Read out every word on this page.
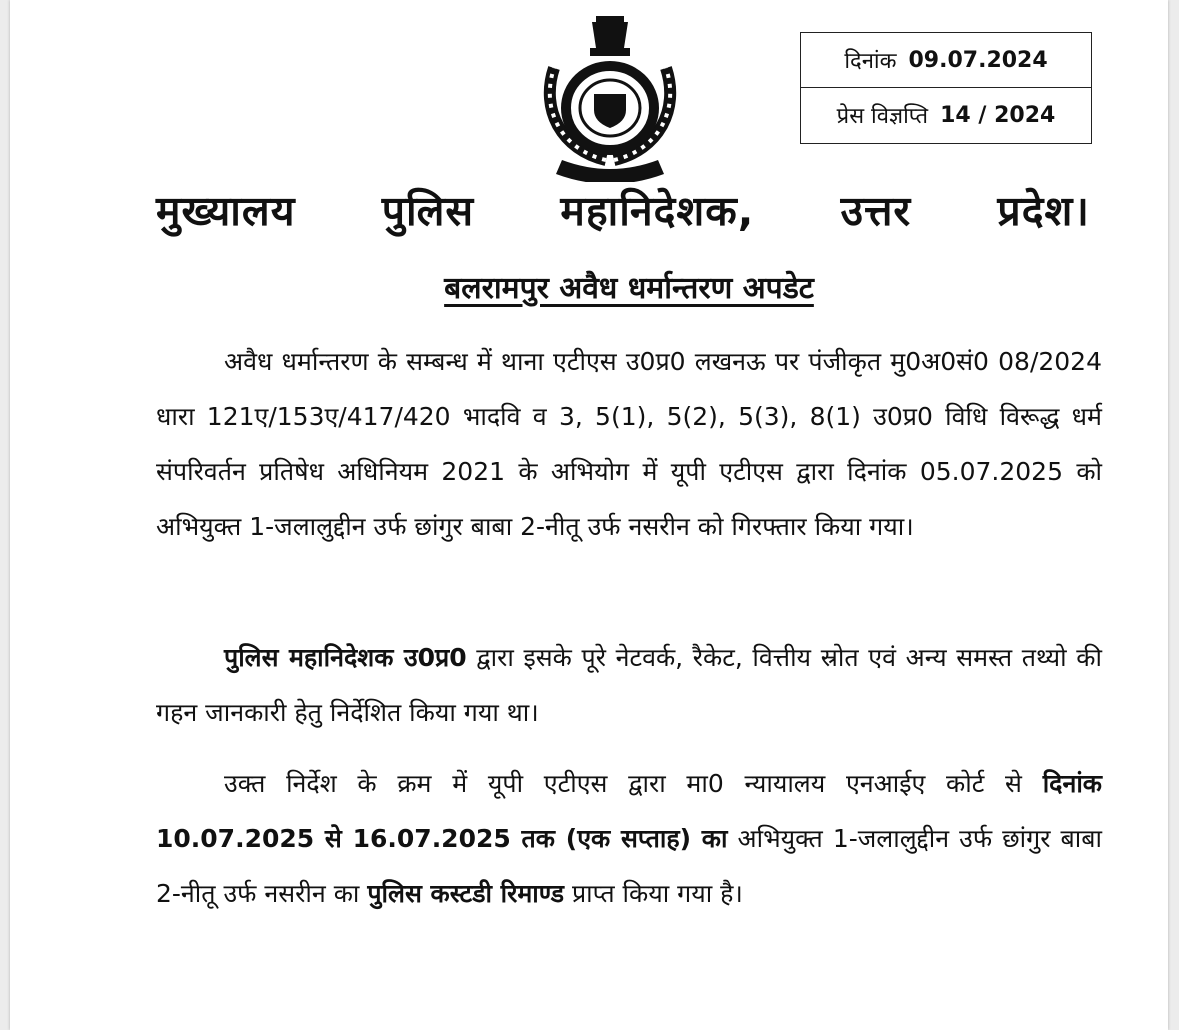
दिनांक 09.07.2024
प्रेस विज्ञप्ति 14 / 2024
मुख्यालय पुलिस महानिदेशक, उत्तर प्रदेश।
बलरामपुर अवैध धर्मान्तरण अपडेट

अवैध धर्मान्तरण के सम्बन्ध में थाना एटीएस उ0प्र0 लखनऊ पर पंजीकृत मु0अ0सं0 08/2024 धारा 121ए/153ए/417/420 भादवि व 3, 5(1), 5(2), 5(3), 8(1) उ0प्र0 विधि विरूद्ध धर्म संपरिवर्तन प्रतिषेध अधिनियम 2021 के अभियोग में यूपी एटीएस द्वारा दिनांक 05.07.2025 को अभियुक्त 1-जलालुद्दीन उर्फ छांगुर बाबा 2-नीतू उर्फ नसरीन को गिरफ्तार किया गया।

पुलिस महानिदेशक उ0प्र0 द्वारा इसके पूरे नेटवर्क, रैकेट, वित्तीय स्रोत एवं अन्य समस्त तथ्यो की गहन जानकारी हेतु निर्देशित किया गया था।

उक्त निर्देश के क्रम में यूपी एटीएस द्वारा मा0 न्यायालय एनआईए कोर्ट से दिनांक 10.07.2025 से 16.07.2025 तक (एक सप्ताह) का अभियुक्त 1-जलालुद्दीन उर्फ छांगुर बाबा 2-नीतू उर्फ नसरीन का पुलिस कस्टडी रिमाण्ड प्राप्त किया गया है।
